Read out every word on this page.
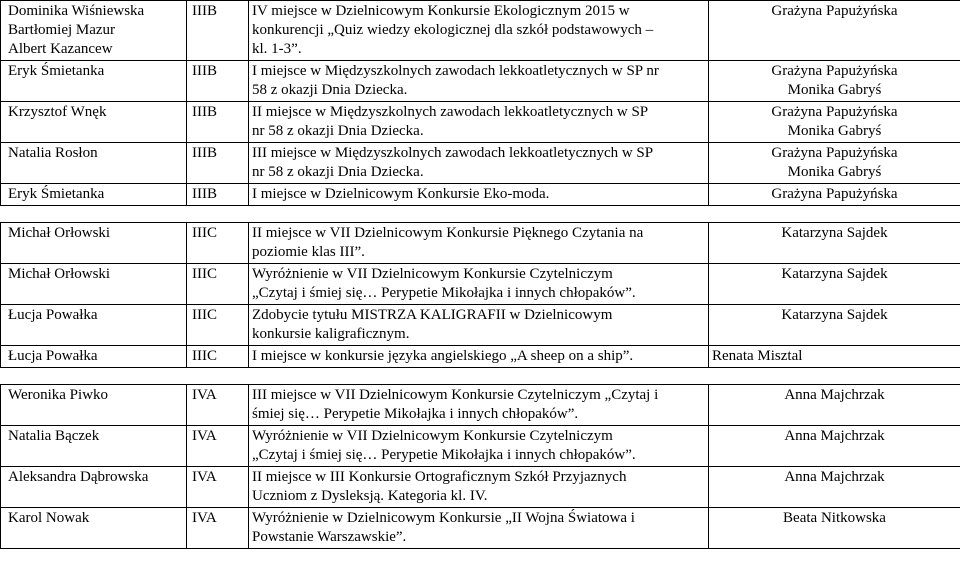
Dominika Wiśniewska
Bartłomiej Mazur
Albert Kazancew	IIIB	IV miejsce w Dzielnicowym Konkursie Ekologicznym 2015 w
konkurencji „Quiz wiedzy ekologicznej dla szkół podstawowych –
kl. 1-3”.	Grażyna Papużyńska

Eryk Śmietanka	IIIB	I miejsce w Międzyszkolnych zawodach lekkoatletycznych w SP nr
58 z okazji Dnia Dziecka.	Grażyna Papużyńska
Monika Gabryś

Krzysztof Wnęk	IIIB	II miejsce w Międzyszkolnych zawodach lekkoatletycznych w SP
nr 58 z okazji Dnia Dziecka.	Grażyna Papużyńska
Monika Gabryś

Natalia Rosłon	IIIB	III miejsce w Międzyszkolnych zawodach lekkoatletycznych w SP
nr 58 z okazji Dnia Dziecka.	Grażyna Papużyńska
Monika Gabryś

Eryk Śmietanka	IIIB	I miejsce w Dzielnicowym Konkursie Eko-moda.	Grażyna Papużyńska

Michał Orłowski	IIIC	II miejsce w VII Dzielnicowym Konkursie Pięknego Czytania na
poziomie klas III”.	Katarzyna Sajdek

Michał Orłowski	IIIC	Wyróżnienie w VII Dzielnicowym Konkursie Czytelniczym
„Czytaj i śmiej się… Perypetie Mikołajka i innych chłopaków”.	Katarzyna Sajdek

Łucja Powałka	IIIC	Zdobycie tytułu MISTRZA KALIGRAFII w Dzielnicowym
konkursie kaligraficznym.	Katarzyna Sajdek

Łucja Powałka	IIIC	I miejsce w konkursie języka angielskiego „A sheep on a ship”.	Renata Misztal

Weronika Piwko	IVA	III miejsce w VII Dzielnicowym Konkursie Czytelniczym „Czytaj i
śmiej się… Perypetie Mikołajka i innych chłopaków”.	Anna Majchrzak

Natalia Bączek	IVA	Wyróżnienie w VII Dzielnicowym Konkursie Czytelniczym
„Czytaj i śmiej się… Perypetie Mikołajka i innych chłopaków”.	Anna Majchrzak

Aleksandra Dąbrowska	IVA	II miejsce w III Konkursie Ortograficznym Szkół Przyjaznych
Uczniom z Dysleksją. Kategoria kl. IV.	Anna Majchrzak

Karol Nowak	IVA	Wyróżnienie w Dzielnicowym Konkursie „II Wojna Światowa i
Powstanie Warszawskie”.	Beata Nitkowska
